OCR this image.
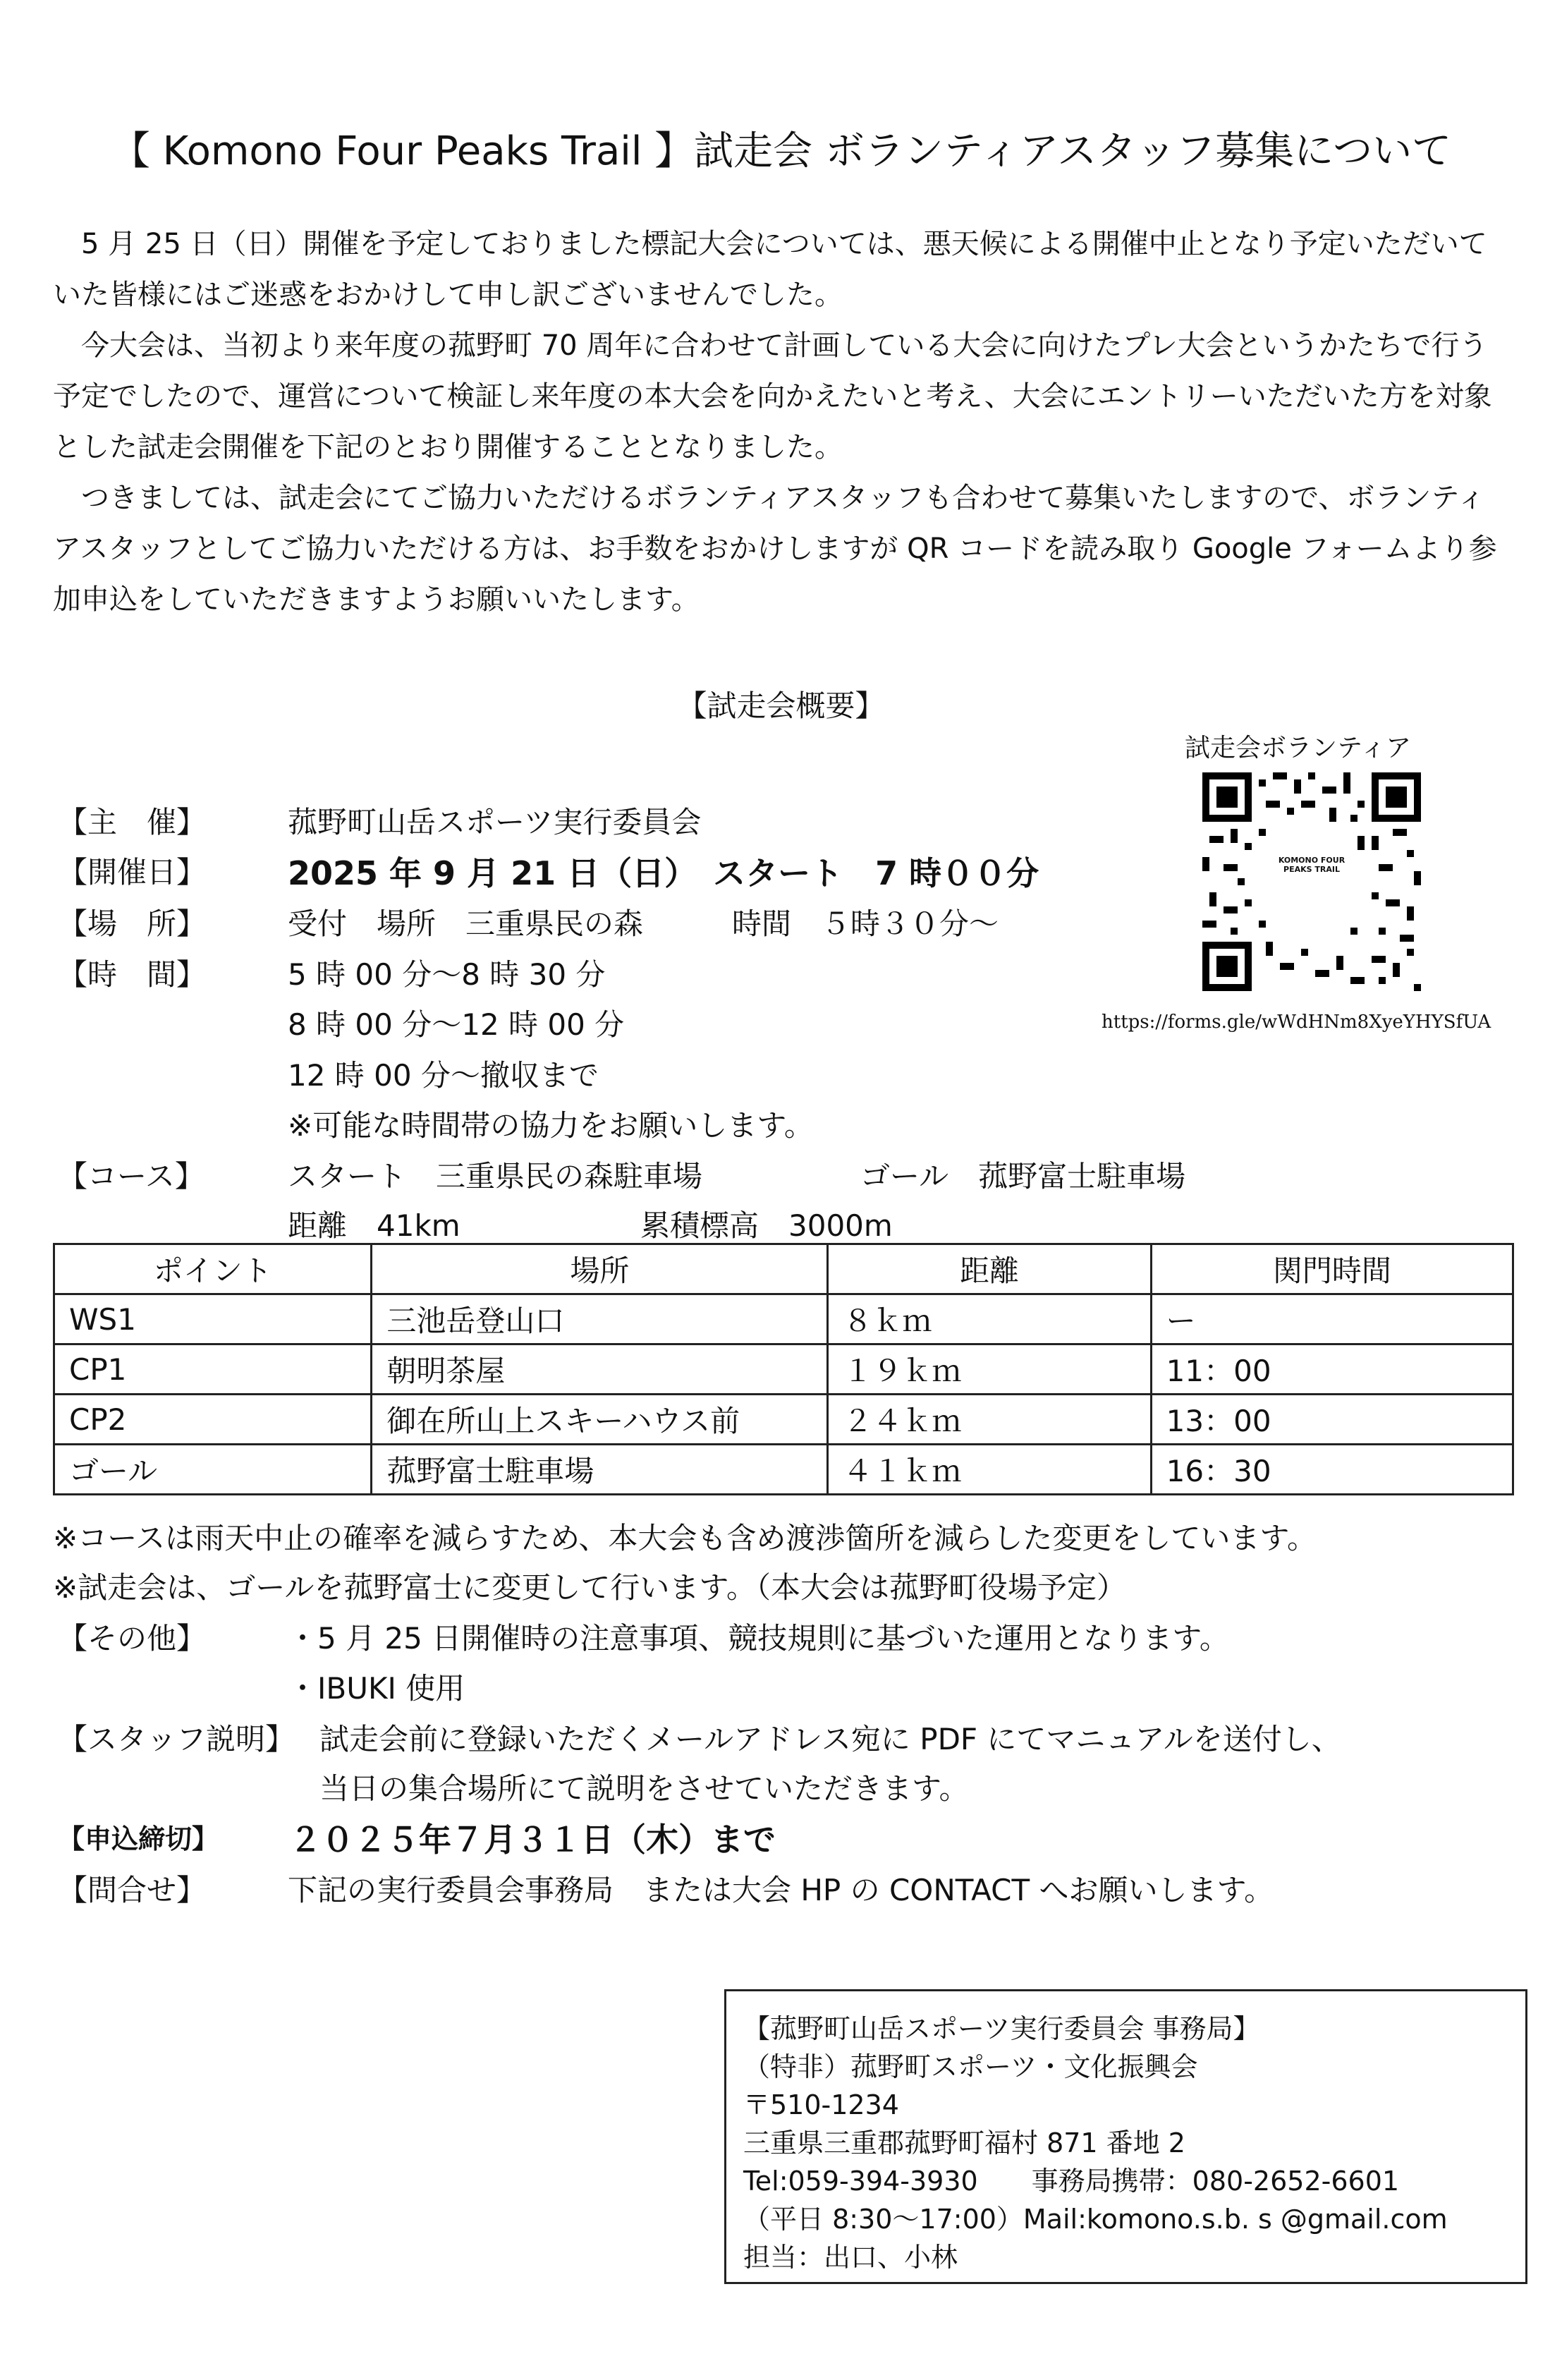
【 Komono Four Peaks Trail 】試走会 ボランティアスタッフ募集について

5 月 25 日（日）開催を予定しておりました標記大会については、悪天候による開催中止となり予定いただいていた皆様にはご迷惑をおかけして申し訳ございませんでした。

今大会は、当初より来年度の菰野町 70 周年に合わせて計画している大会に向けたプレ大会というかたちで行う予定でしたので、運営について検証し来年度の本大会を向かえたいと考え、大会にエントリーいただいた方を対象とした試走会開催を下記のとおり開催することとなりました。

つきましては、試走会にてご協力いただけるボランティアスタッフも合わせて募集いたしますので、ボランティアスタッフとしてご協力いただける方は、お手数をおかけしますが QR コードを読み取り Google フォームより参加申込をしていただきますようお願いいたします。

【試走会概要】
試走会ボランティア
KOMONO FOUR PEAKS TRAIL
https://forms.gle/wWdHNm8XyeYHYSfUA
【主　催】	菰野町山岳スポーツ実行委員会
【開催日】	2025 年 9 月 21 日（日）　スタート　7 時００分
【場　所】	受付　場所　三重県民の森　　　時間　５時３０分～
【時　間】	5 時 00 分～8 時 30 分
8 時 00 分～12 時 00 分
12 時 00 分～撤収まで
※可能な時間帯の協力をお願いします。
【コース】	スタート　三重県民の森駐車場	ゴール　菰野富士駐車場
距離　41km	累積標高　3000m
ポイント	場所	距離	関門時間
WS1	三池岳登山口	８ｋｍ	ー
CP1	朝明茶屋	１９ｋｍ	11：00
CP2	御在所山上スキーハウス前	２４ｋｍ	13：00
ゴール	菰野富士駐車場	４１ｋｍ	16：30
※コースは雨天中止の確率を減らすため、本大会も含め渡渉箇所を減らした変更をしています。
※試走会は、ゴールを菰野富士に変更して行います。（本大会は菰野町役場予定）
【その他】	・5 月 25 日開催時の注意事項、競技規則に基づいた運用となります。
・IBUKI 使用
【スタッフ説明】 試走会前に登録いただくメールアドレス宛に PDF にてマニュアルを送付し、
当日の集合場所にて説明をさせていただきます。
【申込締切】 ２０２５年７月３１日（木）まで
【問合せ】	下記の実行委員会事務局　または大会 HP の CONTACT へお願いします。
【菰野町山岳スポーツ実行委員会 事務局】
（特非）菰野町スポーツ・文化振興会
〒510-1234
三重県三重郡菰野町福村 871 番地 2
Tel:059-394-3930　　事務局携帯：080-2652-6601
（平日 8:30～17:00）Mail:komono.s.b. s @gmail.com
担当：出口、小林
